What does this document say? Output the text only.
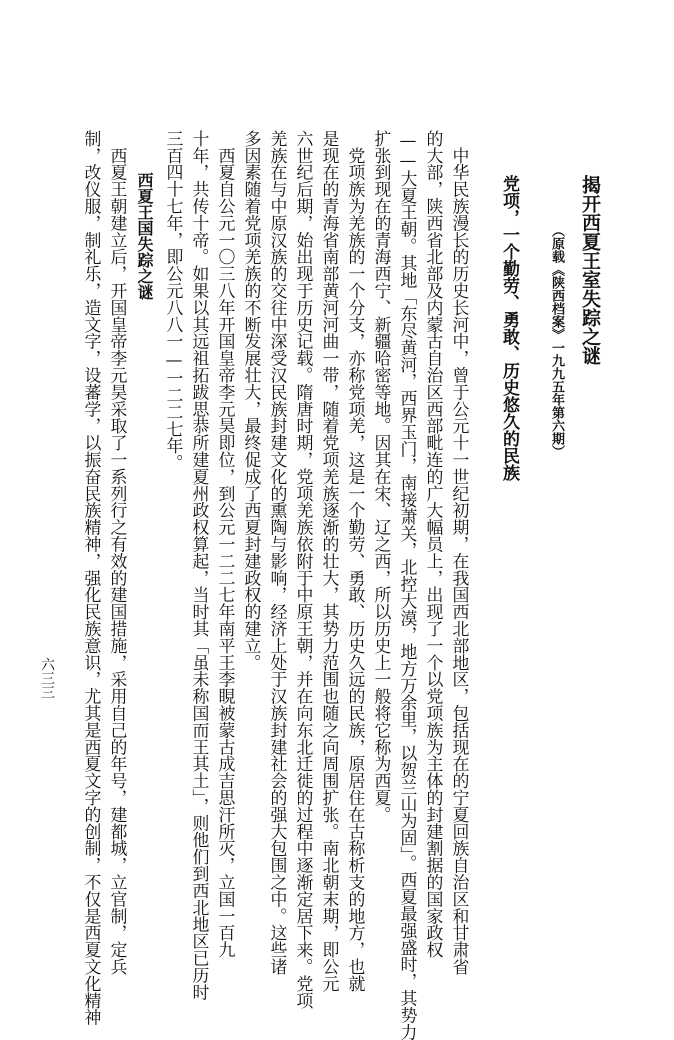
揭开西夏王室失踪之谜
（原载《陕西档案》一九九五年第六期）
党项，一个勤劳、勇敢、历史悠久的民族
　中华民族漫长的历史长河中，曾于公元十一世纪初期，在我国西北部地区，包括现在的宁夏回族自治区和甘肃省
的大部，陕西省北部及内蒙古自治区西部毗连的广大幅员上，出现了一个以党项族为主体的封建割据的国家政权
——大夏王朝。其地「东尽黄河，西界玉门，南接萧关，北控大漠，地方万余里，以贺兰山为固」。西夏最强盛时，其势力
扩张到现在的青海西宁、新疆哈密等地。因其在宋、辽之西，所以历史上一般将它称为西夏。
　党项族为羌族的一个分支，亦称党项羌，这是一个勤劳、勇敢、历史久远的民族，原居住在古称析支的地方，也就
是现在的青海省南部黄河河曲一带，随着党项羌族逐渐的壮大，其势力范围也随之向周围扩张。南北朝末期，即公元
六世纪后期，始出现于历史记载。隋唐时期，党项羌族依附于中原王朝，并在向东北迁徙的过程中逐渐定居下来。党项
羌族在与中原汉族的交往中深受汉民族封建文化的熏陶与影响，经济上处于汉族封建社会的强大包围之中。这些诸
多因素随着党项羌族的不断发展壮大，最终促成了西夏封建政权的建立。
　西夏自公元一〇三八年开国皇帝李元昊即位，到公元一二二七年南平王李睍被蒙古成吉思汗所灭，立国一百九
十年，共传十帝。如果以其远祖拓跋思恭所建夏州政权算起，当时其「虽未称国而王其土」，则他们到西北地区已历时
三百四十七年，即公元八八一—一二二七年。
西夏王国失踪之谜
　西夏王朝建立后，开国皇帝李元昊采取了一系列行之有效的建国措施，采用自己的年号，建都城，立官制，定兵
制，改仪服，制礼乐，造文字，设蕃学，以振奋民族精神，强化民族意识，尤其是西夏文字的创制，不仅是西夏文化精神
六三三
